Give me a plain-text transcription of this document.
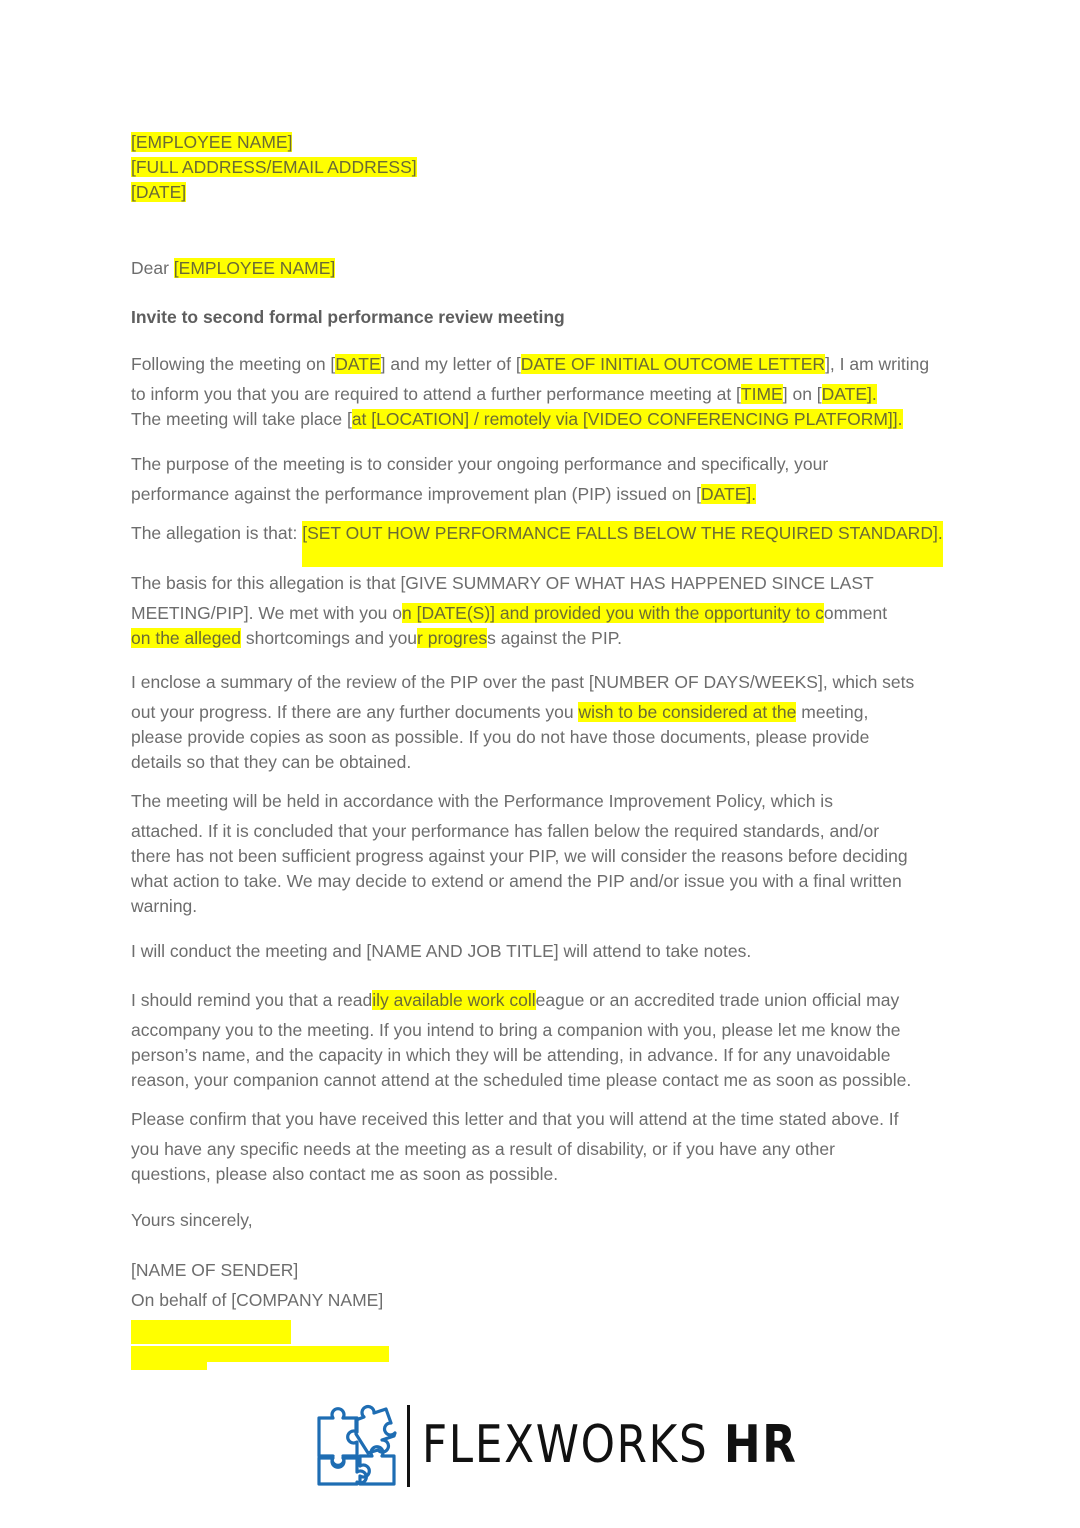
[EMPLOYEE NAME]
[FULL ADDRESS/EMAIL ADDRESS]
[DATE]
Dear [EMPLOYEE NAME]
Invite to second formal performance review meeting
Following the meeting on [DATE] and my letter of [DATE OF INITIAL OUTCOME LETTER], I am writing
to inform you that you are required to attend a further performance meeting at [TIME] on [DATE].
The meeting will take place [at [LOCATION] / remotely via [VIDEO CONFERENCING PLATFORM]].
The purpose of the meeting is to consider your ongoing performance and specifically, your
performance against the performance improvement plan (PIP) issued on [DATE].
The allegation is that: [SET OUT HOW PERFORMANCE FALLS BELOW THE REQUIRED STANDARD].
The basis for this allegation is that [GIVE SUMMARY OF WHAT HAS HAPPENED SINCE LAST
MEETING/PIP]. We met with you on [DATE(S)] and provided you with the opportunity to comment
on the alleged shortcomings and your progress against the PIP.
I enclose a summary of the review of the PIP over the past [NUMBER OF DAYS/WEEKS], which sets
out your progress. If there are any further documents you wish to be considered at the meeting,
please provide copies as soon as possible. If you do not have those documents, please provide
details so that they can be obtained.
The meeting will be held in accordance with the Performance Improvement Policy, which is
attached. If it is concluded that your performance has fallen below the required standards, and/or
there has not been sufficient progress against your PIP, we will consider the reasons before deciding
what action to take. We may decide to extend or amend the PIP and/or issue you with a final written
warning.
I will conduct the meeting and [NAME AND JOB TITLE] will attend to take notes.
I should remind you that a readily available work colleague or an accredited trade union official may
accompany you to the meeting. If you intend to bring a companion with you, please let me know the
person’s name, and the capacity in which they will be attending, in advance. If for any unavoidable
reason, your companion cannot attend at the scheduled time please contact me as soon as possible.
Please confirm that you have received this letter and that you will attend at the time stated above. If
you have any specific needs at the meeting as a result of disability, or if you have any other
questions, please also contact me as soon as possible.
Yours sincerely,
[NAME OF SENDER]
On behalf of [COMPANY NAME]
FLEXWORKS HR
